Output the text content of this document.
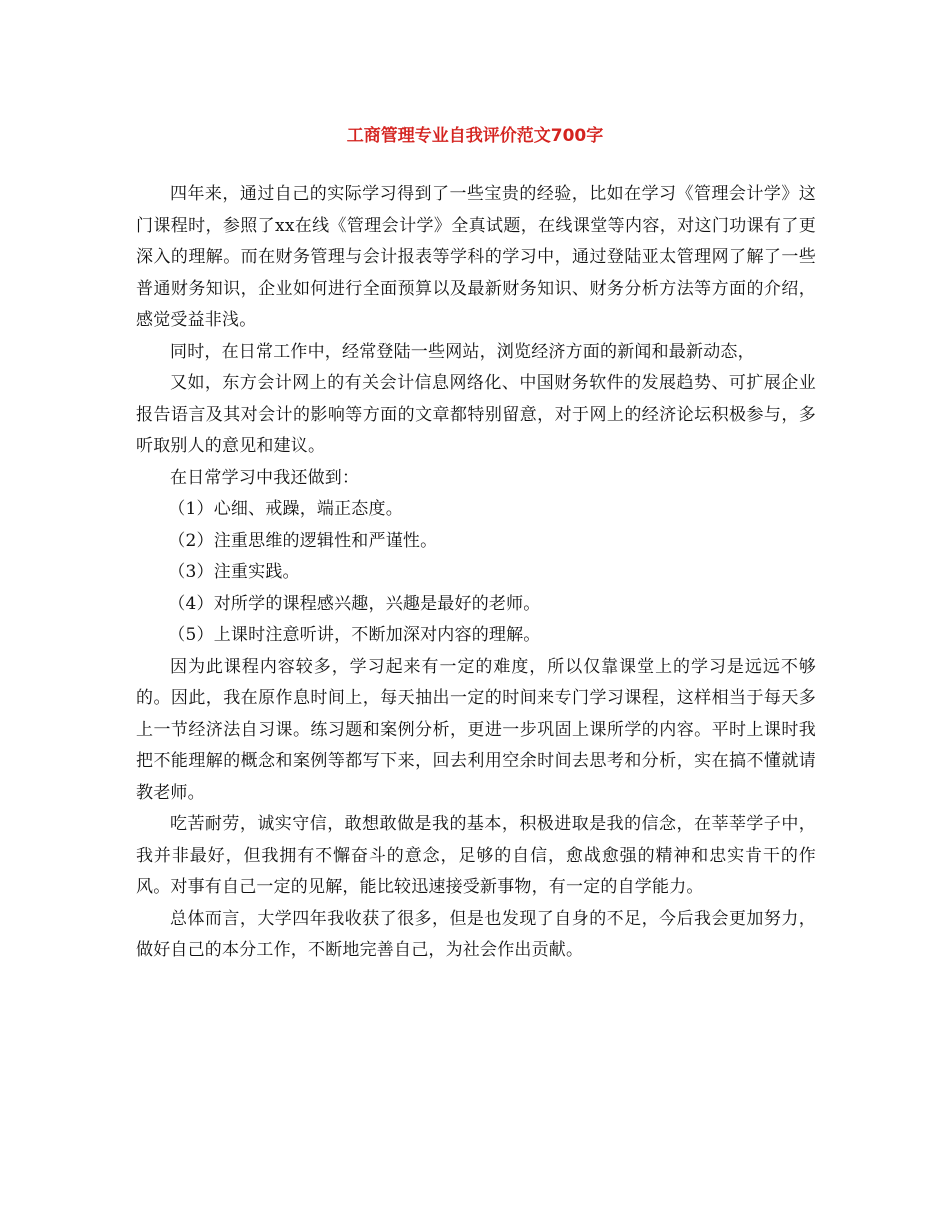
工商管理专业自我评价范文700字

四年来，通过自己的实际学习得到了一些宝贵的经验，比如在学习《管理会计学》这门课程时，参照了xx在线《管理会计学》全真试题，在线课堂等内容，对这门功课有了更深入的理解。而在财务管理与会计报表等学科的学习中，通过登陆亚太管理网了解了一些普通财务知识，企业如何进行全面预算以及最新财务知识、财务分析方法等方面的介绍，感觉受益非浅。

同时，在日常工作中，经常登陆一些网站，浏览经济方面的新闻和最新动态，

又如，东方会计网上的有关会计信息网络化、中国财务软件的发展趋势、可扩展企业报告语言及其对会计的影响等方面的文章都特别留意，对于网上的经济论坛积极参与，多听取别人的意见和建议。

在日常学习中我还做到：

（1）心细、戒躁，端正态度。

（2）注重思维的逻辑性和严谨性。

（3）注重实践。

（4）对所学的课程感兴趣，兴趣是最好的老师。

（5）上课时注意听讲，不断加深对内容的理解。

因为此课程内容较多，学习起来有一定的难度，所以仅靠课堂上的学习是远远不够的。因此，我在原作息时间上，每天抽出一定的时间来专门学习课程，这样相当于每天多上一节经济法自习课。练习题和案例分析，更进一步巩固上课所学的内容。平时上课时我把不能理解的概念和案例等都写下来，回去利用空余时间去思考和分析，实在搞不懂就请教老师。

吃苦耐劳，诚实守信，敢想敢做是我的基本，积极进取是我的信念，在莘莘学子中，我并非最好，但我拥有不懈奋斗的意念，足够的自信，愈战愈强的精神和忠实肯干的作风。对事有自己一定的见解，能比较迅速接受新事物，有一定的自学能力。

总体而言，大学四年我收获了很多，但是也发现了自身的不足，今后我会更加努力，做好自己的本分工作，不断地完善自己，为社会作出贡献。
